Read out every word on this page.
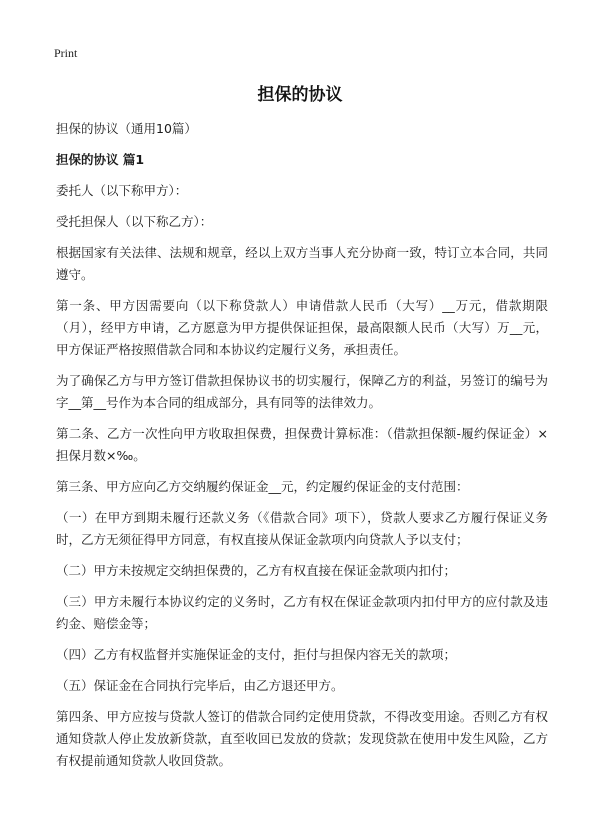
Print
担保的协议

担保的协议（通用10篇）

担保的协议 篇1

委托人（以下称甲方）：

受托担保人（以下称乙方）：

根据国家有关法律、法规和规章，经以上双方当事人充分协商一致，特订立本合同，共同遵守。

第一条、甲方因需要向（以下称贷款人）申请借款人民币（大写）__万元，借款期限（月），经甲方申请，乙方愿意为甲方提供保证担保，最高限额人民币（大写）万__元，甲方保证严格按照借款合同和本协议约定履行义务，承担责任。

为了确保乙方与甲方签订借款担保协议书的切实履行，保障乙方的利益，另签订的编号为字__第__号作为本合同的组成部分，具有同等的法律效力。

第二条、乙方一次性向甲方收取担保费，担保费计算标准：（借款担保额-履约保证金）×担保月数×‰。

第三条、甲方应向乙方交纳履约保证金__元，约定履约保证金的支付范围：

（一）在甲方到期未履行还款义务（《借款合同》项下），贷款人要求乙方履行保证义务时，乙方无须征得甲方同意，有权直接从保证金款项内向贷款人予以支付；

（二）甲方未按规定交纳担保费的，乙方有权直接在保证金款项内扣付；

（三）甲方未履行本协议约定的义务时，乙方有权在保证金款项内扣付甲方的应付款及违约金、赔偿金等；

（四）乙方有权监督并实施保证金的支付，拒付与担保内容无关的款项；

（五）保证金在合同执行完毕后，由乙方退还甲方。

第四条、甲方应按与贷款人签订的借款合同约定使用贷款，不得改变用途。否则乙方有权通知贷款人停止发放新贷款，直至收回已发放的贷款；发现贷款在使用中发生风险，乙方有权提前通知贷款人收回贷款。
